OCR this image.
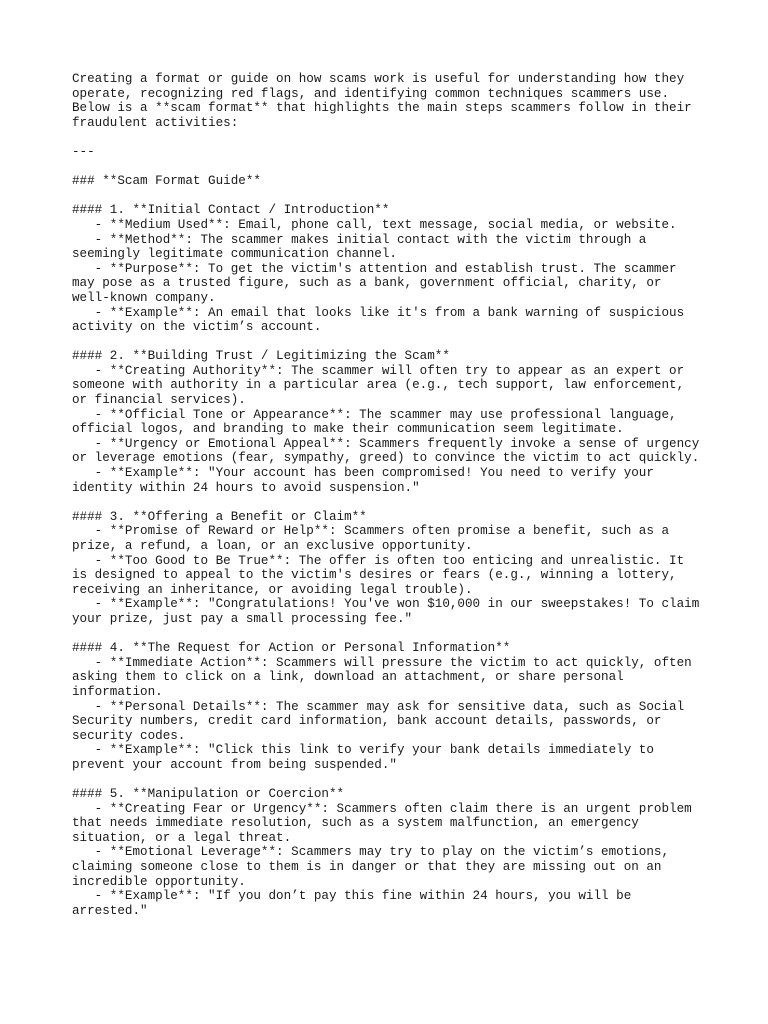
Creating a format or guide on how scams work is useful for understanding how they
operate, recognizing red flags, and identifying common techniques scammers use.
Below is a **scam format** that highlights the main steps scammers follow in their
fraudulent activities:
---
### **Scam Format Guide**
#### 1. **Initial Contact / Introduction**
- **Medium Used**: Email, phone call, text message, social media, or website.
- **Method**: The scammer makes initial contact with the victim through a
seemingly legitimate communication channel.
- **Purpose**: To get the victim's attention and establish trust. The scammer
may pose as a trusted figure, such as a bank, government official, charity, or
well-known company.
- **Example**: An email that looks like it's from a bank warning of suspicious
activity on the victim’s account.
#### 2. **Building Trust / Legitimizing the Scam**
- **Creating Authority**: The scammer will often try to appear as an expert or
someone with authority in a particular area (e.g., tech support, law enforcement,
or financial services).
- **Official Tone or Appearance**: The scammer may use professional language,
official logos, and branding to make their communication seem legitimate.
- **Urgency or Emotional Appeal**: Scammers frequently invoke a sense of urgency
or leverage emotions (fear, sympathy, greed) to convince the victim to act quickly.
- **Example**: "Your account has been compromised! You need to verify your
identity within 24 hours to avoid suspension."
#### 3. **Offering a Benefit or Claim**
- **Promise of Reward or Help**: Scammers often promise a benefit, such as a
prize, a refund, a loan, or an exclusive opportunity.
- **Too Good to Be True**: The offer is often too enticing and unrealistic. It
is designed to appeal to the victim's desires or fears (e.g., winning a lottery,
receiving an inheritance, or avoiding legal trouble).
- **Example**: "Congratulations! You've won $10,000 in our sweepstakes! To claim
your prize, just pay a small processing fee."
#### 4. **The Request for Action or Personal Information**
- **Immediate Action**: Scammers will pressure the victim to act quickly, often
asking them to click on a link, download an attachment, or share personal
information.
- **Personal Details**: The scammer may ask for sensitive data, such as Social
Security numbers, credit card information, bank account details, passwords, or
security codes.
- **Example**: "Click this link to verify your bank details immediately to
prevent your account from being suspended."
#### 5. **Manipulation or Coercion**
- **Creating Fear or Urgency**: Scammers often claim there is an urgent problem
that needs immediate resolution, such as a system malfunction, an emergency
situation, or a legal threat.
- **Emotional Leverage**: Scammers may try to play on the victim’s emotions,
claiming someone close to them is in danger or that they are missing out on an
incredible opportunity.
- **Example**: "If you don’t pay this fine within 24 hours, you will be
arrested."
